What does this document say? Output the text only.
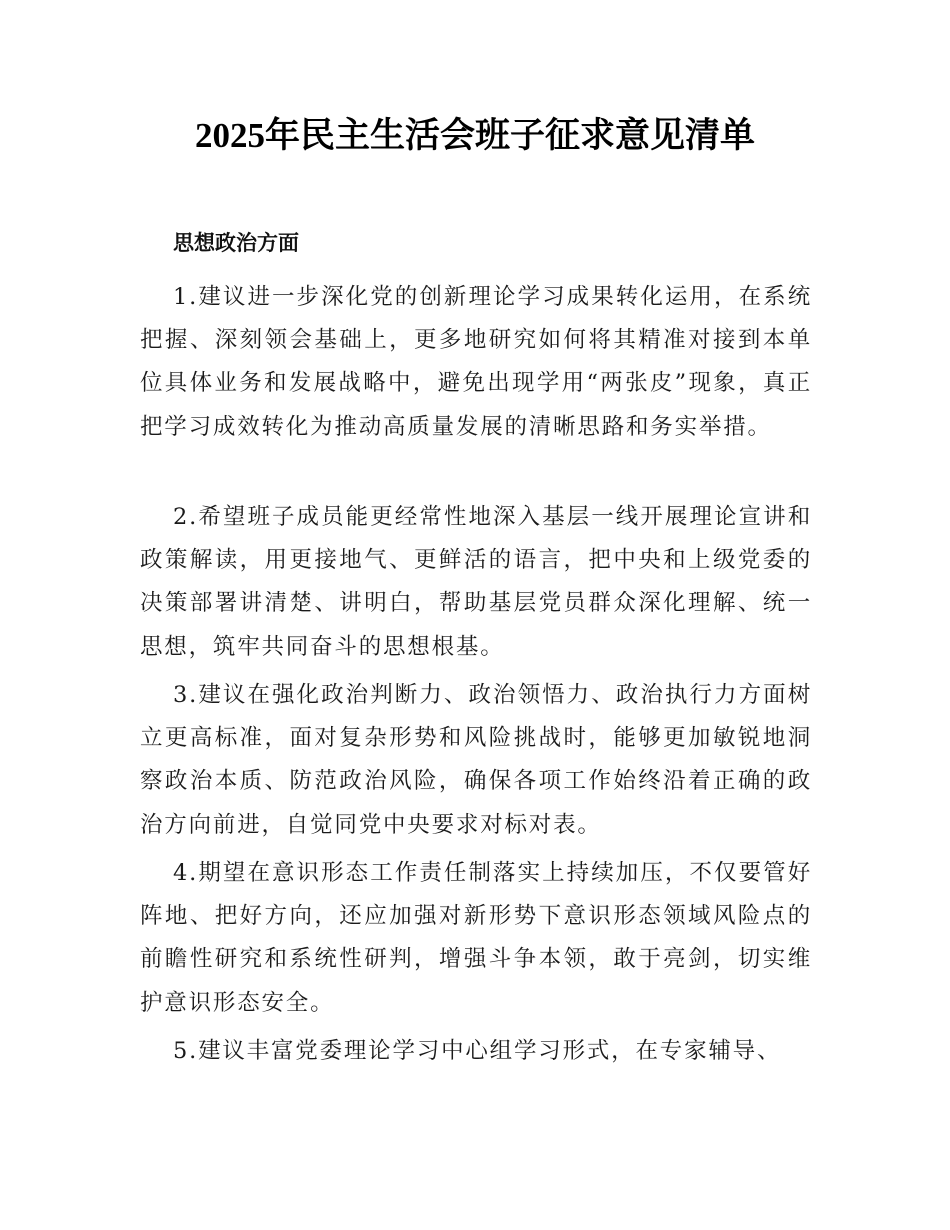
2025年民主生活会班子征求意见清单
思想政治方面
1.建议进一步深化党的创新理论学习成果转化运用，在系统把握、深刻领会基础上，更多地研究如何将其精准对接到本单位具体业务和发展战略中，避免出现学用“两张皮”现象，真正把学习成效转化为推动高质量发展的清晰思路和务实举措。
2.希望班子成员能更经常性地深入基层一线开展理论宣讲和政策解读，用更接地气、更鲜活的语言，把中央和上级党委的决策部署讲清楚、讲明白，帮助基层党员群众深化理解、统一思想，筑牢共同奋斗的思想根基。
3.建议在强化政治判断力、政治领悟力、政治执行力方面树立更高标准，面对复杂形势和风险挑战时，能够更加敏锐地洞察政治本质、防范政治风险，确保各项工作始终沿着正确的政治方向前进，自觉同党中央要求对标对表。
4.期望在意识形态工作责任制落实上持续加压，不仅要管好阵地、把好方向，还应加强对新形势下意识形态领域风险点的前瞻性研究和系统性研判，增强斗争本领，敢于亮剑，切实维护意识形态安全。
5.建议丰富党委理论学习中心组学习形式，在专家辅导、
